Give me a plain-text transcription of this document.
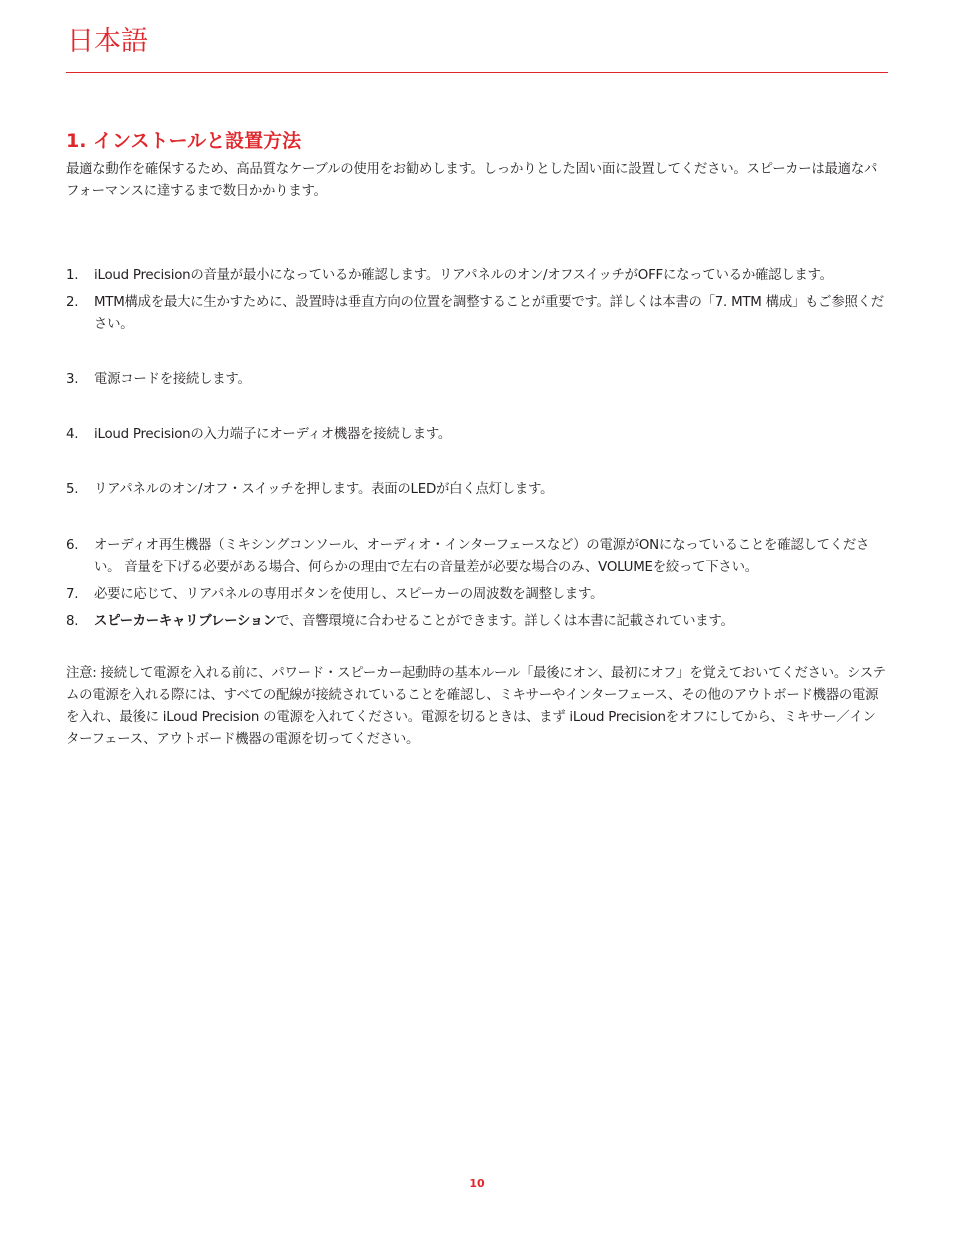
日本語
1. インストールと設置方法

最適な動作を確保するため、高品質なケーブルの使用をお勧めします。しっかりとした固い面に設置してください。スピーカーは最適なパフォーマンスに達するまで数日かかります。

1.	iLoud Precisionの音量が最小になっているか確認します。リアパネルのオン/オフスイッチがOFFになっているか確認します。
2.	MTM構成を最大に生かすために、設置時は垂直方向の位置を調整することが重要です。詳しくは本書の「7. MTM 構成」もご参照ください。
3.	電源コードを接続します。
4.	iLoud Precisionの入力端子にオーディオ機器を接続します。
5.	リアパネルのオン/オフ・スイッチを押します。表面のLEDが白く点灯します。
6.	オーディオ再生機器（ミキシングコンソール、オーディオ・インターフェースなど）の電源がONになっていることを確認してください。 音量を下げる必要がある場合、何らかの理由で左右の音量差が必要な場合のみ、VOLUMEを絞って下さい。
7.	必要に応じて、リアパネルの専用ボタンを使用し、スピーカーの周波数を調整します。
8.	スピーカーキャリブレーションで、音響環境に合わせることができます。詳しくは本書に記載されています。

注意: 接続して電源を入れる前に、パワード・スピーカー起動時の基本ルール「最後にオン、最初にオフ」を覚えておいてください。システムの電源を入れる際には、すべての配線が接続されていることを確認し、ミキサーやインターフェース、その他のアウトボード機器の電源を入れ、最後に iLoud Precision の電源を入れてください。電源を切るときは、まず iLoud Precisionをオフにしてから、ミキサー／インターフェース、アウトボード機器の電源を切ってください。

10
